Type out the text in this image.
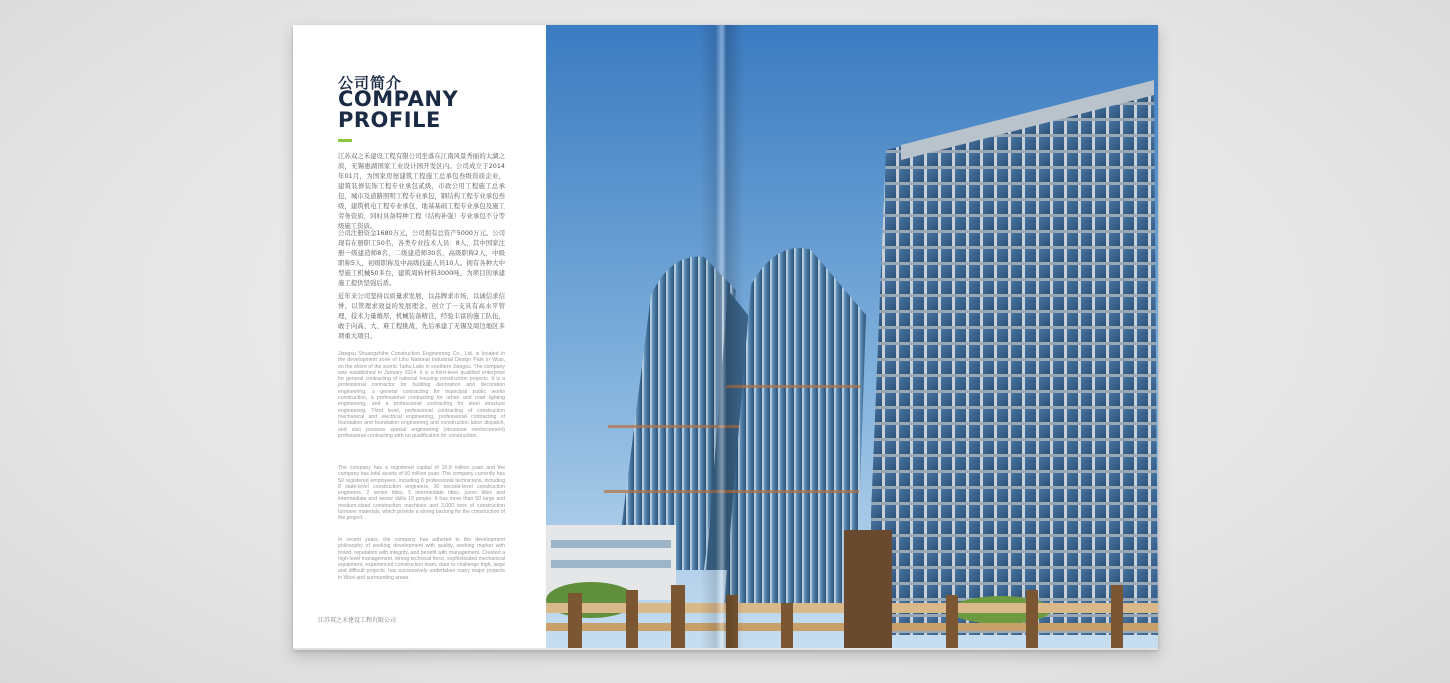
公司简介
COMPANY
PROFILE
江苏双之禾建设工程有限公司坐落在江南风景秀丽的太湖之滨，无锡惠湖国家工业设计园开发区内。公司成立于2014年01月，为国家房屋建筑工程施工总承包叁级资质企业，建筑装修装饰工程专业承包贰级，市政公用工程施工总承包，城市及道路照明工程专业承包，钢结构工程专业承包叁级，建筑机电工程专业承包，地基基础工程专业承包及施工劳务资质，同时具备特种工程（结构补强）专业承包不分等级施工资质。
公司注册资金1680万元，公司拥有总资产5000万元。公司现有在册职工50名，各类专业技术人员：8人，其中国家注册一级建造师8名，二级建造师30名，高级职称2人，中级职称5人，初级职称及中高级技能人员10人。拥有各种大中型施工机械50多台，建筑周转材料3000吨，为项目的承建施工提供坚强后盾。
近年来公司坚持以质量求发展，以品牌求市场，以诚信求信誉，以管理求效益的发展理念，创立了一支具有高水平管理，技术力量雄厚，机械装备精良，经验丰富的施工队伍，敢于向高、大、难工程挑战，先后承建了无锡及周边地区多项重大项目。
Jiangsu Shuangzhihe Construction Engineering Co., Ltd. is located in the development zone of Lihu National Industrial Design Park in Wuxi, on the shore of the scenic Taihu Lake in southern Jiangsu. The company was established in January 2014. It is a third-level qualified enterprise for general contracting of national housing construction projects. It is a professional contractor for building decoration and decoration engineering, a general contracting for municipal public works construction, a professional contracting for urban and road lighting engineering, and a professional contracting for steel structure engineering. Third level, professional contracting of construction mechanical and electrical engineering, professional contracting of foundation and foundation engineering and construction labor dispatch, and also possess special engineering (structural reinforcement) professional contracting with no qualification for construction.
The company has a registered capital of 16.8 million yuan and the company has total assets of 50 million yuan. The company currently has 50 registered employees, including 8 professional technicians, including 8 state-level construction engineers, 30 second-level construction engineers, 2 senior titles, 5 intermediate titles, junior titles and intermediate and senior skills 10 people. It has more than 50 large and medium-sized construction machines and 3,000 tons of construction turnover materials, which provide a strong backing for the construction of the project.
In recent years, the company has adhered to the development philosophy of seeking development with quality, seeking market with brand, reputation with integrity, and benefit with management. Created a high-level management, strong technical force, sophisticated mechanical equipment, experienced construction team, dare to challenge high, large and difficult projects, has successively undertaken many major projects in Wuxi and surrounding areas.
江苏双之禾建设工程有限公司
